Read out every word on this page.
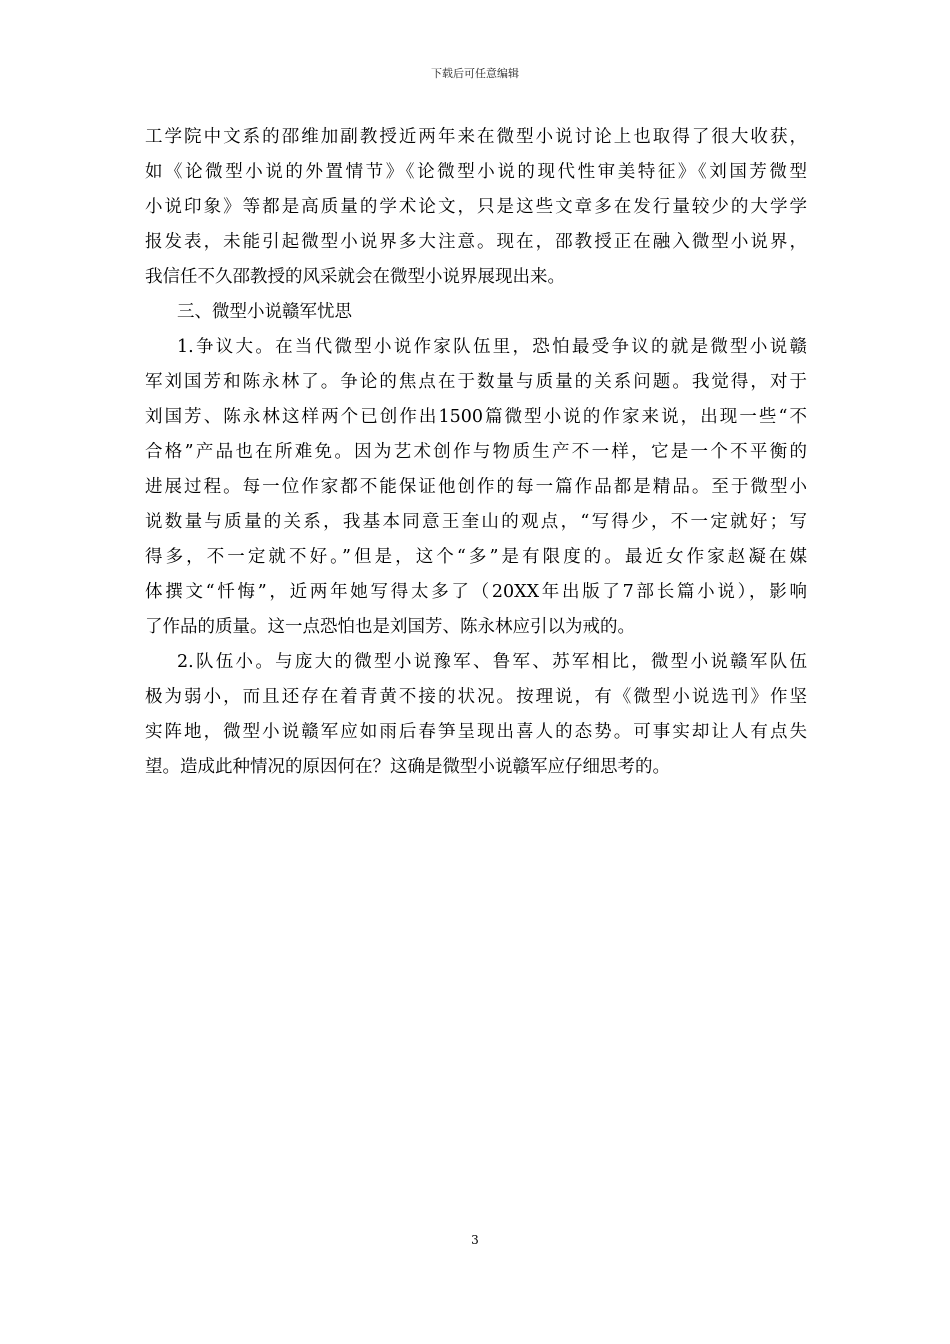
下载后可任意编辑
工学院中文系的邵维加副教授近两年来在微型小说讨论上也取得了很大收获，
如《论微型小说的外置情节》《论微型小说的现代性审美特征》《刘国芳微型
小说印象》等都是高质量的学术论文，只是这些文章多在发行量较少的大学学
报发表，未能引起微型小说界多大注意。现在，邵教授正在融入微型小说界，
我信任不久邵教授的风采就会在微型小说界展现出来。
三、微型小说赣军忧思
1.争议大。在当代微型小说作家队伍里，恐怕最受争议的就是微型小说赣
军刘国芳和陈永林了。争论的焦点在于数量与质量的关系问题。我觉得，对于
刘国芳、陈永林这样两个已创作出1500篇微型小说的作家来说，出现一些“不
合格”产品也在所难免。因为艺术创作与物质生产不一样，它是一个不平衡的
进展过程。每一位作家都不能保证他创作的每一篇作品都是精品。至于微型小
说数量与质量的关系，我基本同意王奎山的观点，“写得少，不一定就好；写
得多，不一定就不好。”但是，这个“多”是有限度的。最近女作家赵凝在媒
体撰文“忏悔”，近两年她写得太多了（20XX年出版了7部长篇小说），影响
了作品的质量。这一点恐怕也是刘国芳、陈永林应引以为戒的。
2.队伍小。与庞大的微型小说豫军、鲁军、苏军相比，微型小说赣军队伍
极为弱小，而且还存在着青黄不接的状况。按理说，有《微型小说选刊》作坚
实阵地，微型小说赣军应如雨后春笋呈现出喜人的态势。可事实却让人有点失
望。造成此种情况的原因何在？这确是微型小说赣军应仔细思考的。
3
